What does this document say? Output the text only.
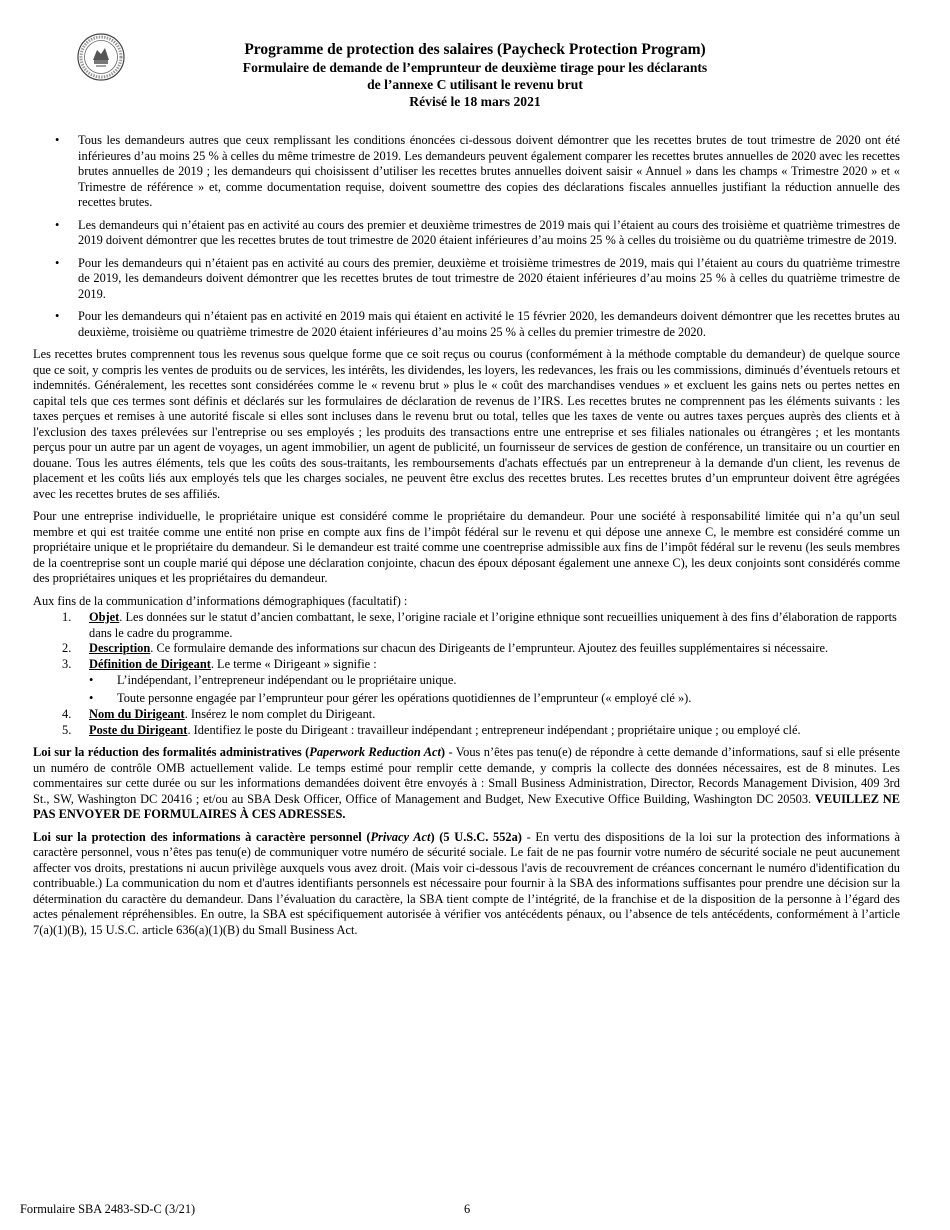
Programme de protection des salaires (Paycheck Protection Program)
Formulaire de demande de l’emprunteur de deuxième tirage pour les déclarants
de l’annexe C utilisant le revenu brut
Révisé le 18 mars 2021
• Tous les demandeurs autres que ceux remplissant les conditions énoncées ci-dessous doivent démontrer que les recettes brutes de tout trimestre de 2020 ont été inférieures d’au moins 25 % à celles du même trimestre de 2019. Les demandeurs peuvent également comparer les recettes brutes annuelles de 2020 avec les recettes brutes annuelles de 2019 ; les demandeurs qui choisissent d’utiliser les recettes brutes annuelles doivent saisir « Annuel » dans les champs « Trimestre 2020 » et « Trimestre de référence » et, comme documentation requise, doivent soumettre des copies des déclarations fiscales annuelles justifiant la réduction annuelle des recettes brutes.
• Les demandeurs qui n’étaient pas en activité au cours des premier et deuxième trimestres de 2019 mais qui l’étaient au cours des troisième et quatrième trimestres de 2019 doivent démontrer que les recettes brutes de tout trimestre de 2020 étaient inférieures d’au moins 25 % à celles du troisième ou du quatrième trimestre de 2019.
• Pour les demandeurs qui n’étaient pas en activité au cours des premier, deuxième et troisième trimestres de 2019, mais qui l’étaient au cours du quatrième trimestre de 2019, les demandeurs doivent démontrer que les recettes brutes de tout trimestre de 2020 étaient inférieures d’au moins 25 % à celles du quatrième trimestre de 2019.
• Pour les demandeurs qui n’étaient pas en activité en 2019 mais qui étaient en activité le 15 février 2020, les demandeurs doivent démontrer que les recettes brutes au deuxième, troisième ou quatrième trimestre de 2020 étaient inférieures d’au moins 25 % à celles du premier trimestre de 2020.

Les recettes brutes comprennent tous les revenus sous quelque forme que ce soit reçus ou courus (conformément à la méthode comptable du demandeur) de quelque source que ce soit, y compris les ventes de produits ou de services, les intérêts, les dividendes, les loyers, les redevances, les frais ou les commissions, diminués d’éventuels retours et indemnités. Généralement, les recettes sont considérées comme le « revenu brut » plus le « coût des marchandises vendues » et excluent les gains nets ou pertes nettes en capital tels que ces termes sont définis et déclarés sur les formulaires de déclaration de revenus de l’IRS. Les recettes brutes ne comprennent pas les éléments suivants : les taxes perçues et remises à une autorité fiscale si elles sont incluses dans le revenu brut ou total, telles que les taxes de vente ou autres taxes perçues auprès des clients et à l'exclusion des taxes prélevées sur l'entreprise ou ses employés ; les produits des transactions entre une entreprise et ses filiales nationales ou étrangères ; et les montants perçus pour un autre par un agent de voyages, un agent immobilier, un agent de publicité, un fournisseur de services de gestion de conférence, un transitaire ou un courtier en douane. Tous les autres éléments, tels que les coûts des sous-traitants, les remboursements d'achats effectués par un entrepreneur à la demande d'un client, les revenus de placement et les coûts liés aux employés tels que les charges sociales, ne peuvent être exclus des recettes brutes. Les recettes brutes d’un emprunteur doivent être agrégées avec les recettes brutes de ses affiliés.

Pour une entreprise individuelle, le propriétaire unique est considéré comme le propriétaire du demandeur. Pour une société à responsabilité limitée qui n’a qu’un seul membre et qui est traitée comme une entité non prise en compte aux fins de l’impôt fédéral sur le revenu et qui dépose une annexe C, le membre est considéré comme un propriétaire unique et le propriétaire du demandeur. Si le demandeur est traité comme une coentreprise admissible aux fins de l’impôt fédéral sur le revenu (les seuls membres de la coentreprise sont un couple marié qui dépose une déclaration conjointe, chacun des époux déposant également une annexe C), les deux conjoints sont considérés comme des propriétaires uniques et les propriétaires du demandeur.

Aux fins de la communication d’informations démographiques (facultatif) :

1. Objet. Les données sur le statut d’ancien combattant, le sexe, l’origine raciale et l’origine ethnique sont recueillies uniquement à des fins d’élaboration de rapports dans le cadre du programme.
2. Description. Ce formulaire demande des informations sur chacun des Dirigeants de l’emprunteur. Ajoutez des feuilles supplémentaires si nécessaire.
3. Définition de Dirigeant. Le terme « Dirigeant » signifie :
• L’indépendant, l’entrepreneur indépendant ou le propriétaire unique.
• Toute personne engagée par l’emprunteur pour gérer les opérations quotidiennes de l’emprunteur (« employé clé »).
4. Nom du Dirigeant. Insérez le nom complet du Dirigeant.
5. Poste du Dirigeant. Identifiez le poste du Dirigeant : travailleur indépendant ; entrepreneur indépendant ; propriétaire unique ; ou employé clé.

Loi sur la réduction des formalités administratives (Paperwork Reduction Act) - Vous n’êtes pas tenu(e) de répondre à cette demande d’informations, sauf si elle présente un numéro de contrôle OMB actuellement valide. Le temps estimé pour remplir cette demande, y compris la collecte des données nécessaires, est de 8 minutes. Les commentaires sur cette durée ou sur les informations demandées doivent être envoyés à : Small Business Administration, Director, Records Management Division, 409 3rd St., SW, Washington DC 20416 ; et/ou au SBA Desk Officer, Office of Management and Budget, New Executive Office Building, Washington DC 20503. VEUILLEZ NE PAS ENVOYER DE FORMULAIRES À CES ADRESSES.

Loi sur la protection des informations à caractère personnel (Privacy Act) (5 U.S.C. 552a) - En vertu des dispositions de la loi sur la protection des informations à caractère personnel, vous n’êtes pas tenu(e) de communiquer votre numéro de sécurité sociale. Le fait de ne pas fournir votre numéro de sécurité sociale ne peut aucunement affecter vos droits, prestations ni aucun privilège auxquels vous avez droit. (Mais voir ci-dessous l'avis de recouvrement de créances concernant le numéro d'identification du contribuable.) La communication du nom et d'autres identifiants personnels est nécessaire pour fournir à la SBA des informations suffisantes pour prendre une décision sur la détermination du caractère du demandeur. Dans l’évaluation du caractère, la SBA tient compte de l’intégrité, de la franchise et de la disposition de la personne à l’égard des actes pénalement répréhensibles. En outre, la SBA est spécifiquement autorisée à vérifier vos antécédents pénaux, ou l’absence de tels antécédents, conformément à l’article 7(a)(1)(B), 15 U.S.C. article 636(a)(1)(B) du Small Business Act.

Formulaire SBA 2483-SD-C (3/21)	6
